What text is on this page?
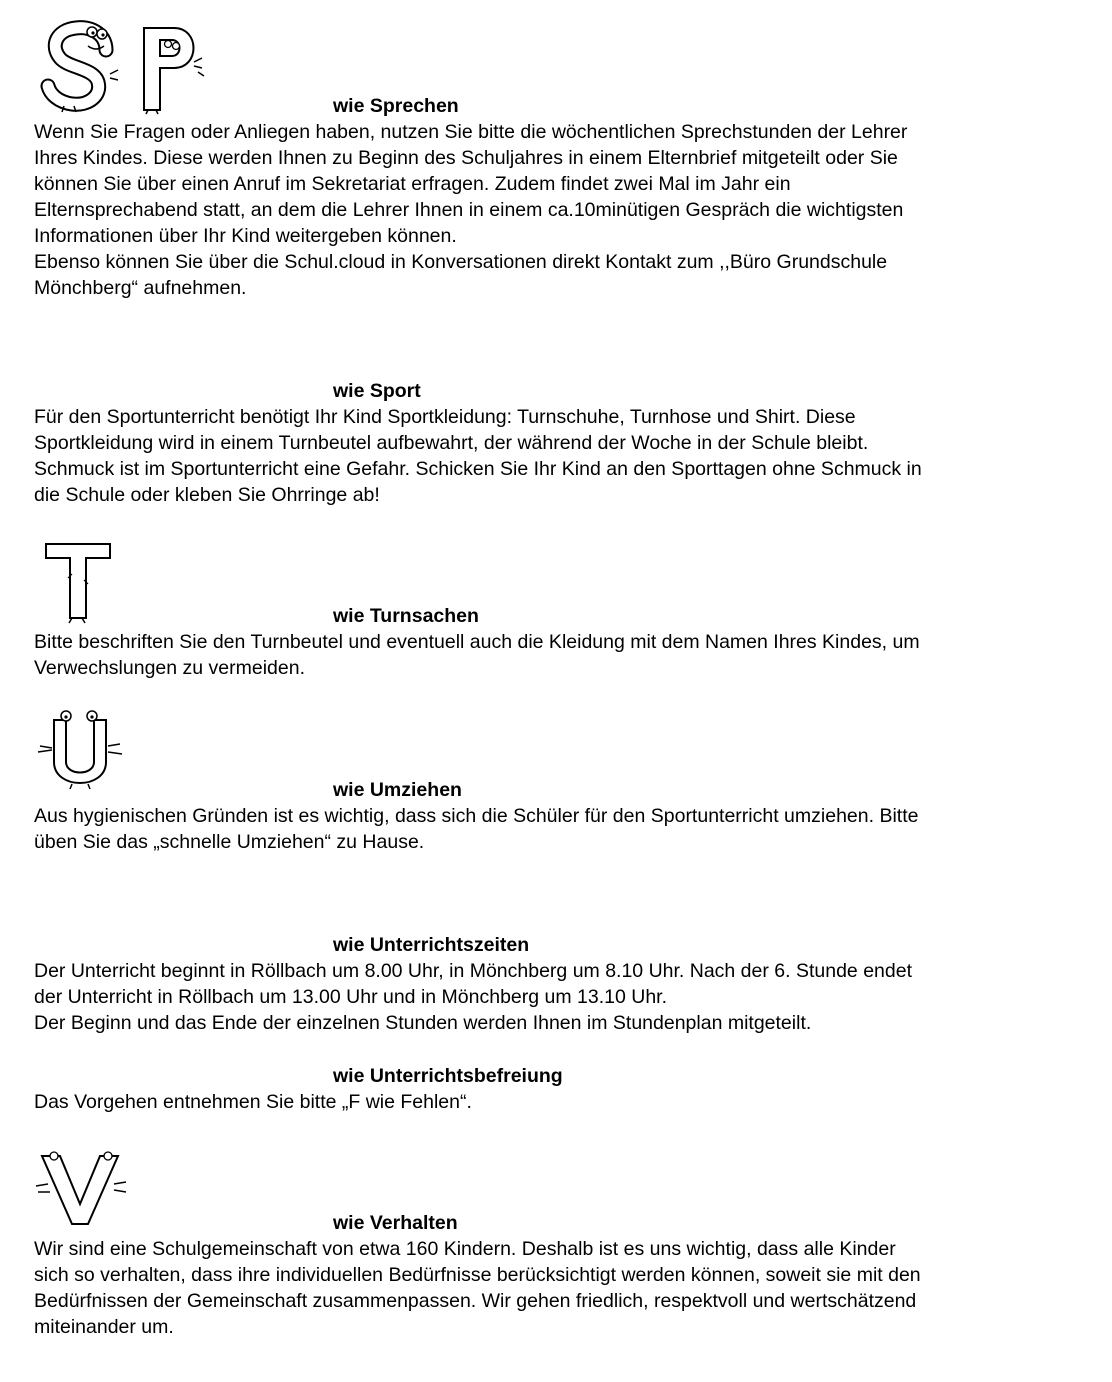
wie Sprechen
Wenn Sie Fragen oder Anliegen haben, nutzen Sie bitte die wöchentlichen Sprechstunden der Lehrer
Ihres Kindes. Diese werden Ihnen zu Beginn des Schuljahres in einem Elternbrief mitgeteilt oder Sie
können Sie über einen Anruf im Sekretariat erfragen. Zudem findet zwei Mal im Jahr ein
Elternsprechabend statt, an dem die Lehrer Ihnen in einem ca.10minütigen Gespräch die wichtigsten
Informationen über Ihr Kind weitergeben können.
Ebenso können Sie über die Schul.cloud in Konversationen direkt Kontakt zum ,,Büro Grundschule
Mönchberg“ aufnehmen.
wie Sport
Für den Sportunterricht benötigt Ihr Kind Sportkleidung: Turnschuhe, Turnhose und Shirt. Diese
Sportkleidung wird in einem Turnbeutel aufbewahrt, der während der Woche in der Schule bleibt.
Schmuck ist im Sportunterricht eine Gefahr. Schicken Sie Ihr Kind an den Sporttagen ohne Schmuck in
die Schule oder kleben Sie Ohrringe ab!
wie Turnsachen
Bitte beschriften Sie den Turnbeutel und eventuell auch die Kleidung mit dem Namen Ihres Kindes, um
Verwechslungen zu vermeiden.
wie Umziehen
Aus hygienischen Gründen ist es wichtig, dass sich die Schüler für den Sportunterricht umziehen. Bitte
üben Sie das „schnelle Umziehen“ zu Hause.
wie Unterrichtszeiten
Der Unterricht beginnt in Röllbach um 8.00 Uhr, in Mönchberg um 8.10 Uhr. Nach der 6. Stunde endet
der Unterricht in Röllbach um 13.00 Uhr und in Mönchberg um 13.10 Uhr.
Der Beginn und das Ende der einzelnen Stunden werden Ihnen im Stundenplan mitgeteilt.
wie Unterrichtsbefreiung
Das Vorgehen entnehmen Sie bitte „F wie Fehlen“.
wie Verhalten
Wir sind eine Schulgemeinschaft von etwa 160 Kindern. Deshalb ist es uns wichtig, dass alle Kinder
sich so verhalten, dass ihre individuellen Bedürfnisse berücksichtigt werden können, soweit sie mit den
Bedürfnissen der Gemeinschaft zusammenpassen. Wir gehen friedlich, respektvoll und wertschätzend
miteinander um.
